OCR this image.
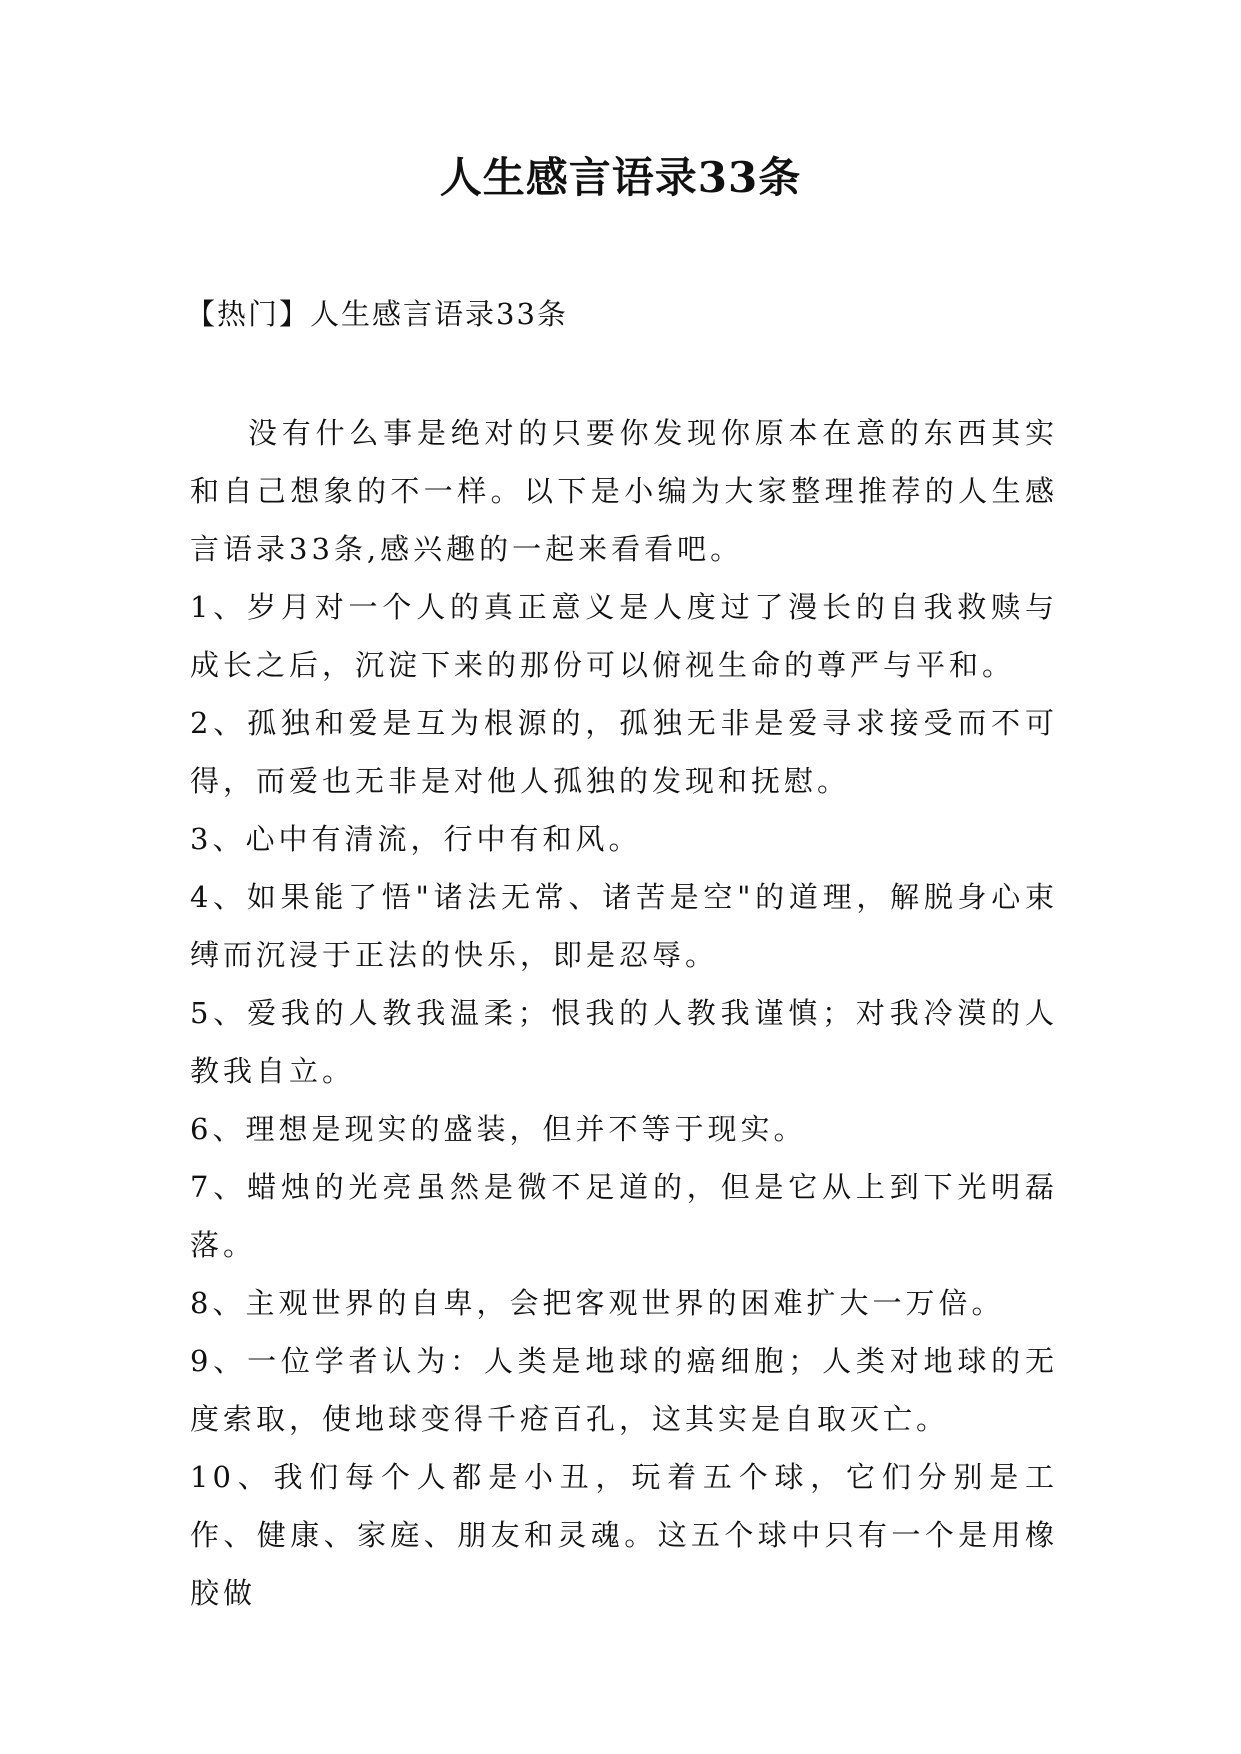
人生感言语录33条
【热门】人生感言语录33条

没有什么事是绝对的只要你发现你原本在意的东西其实和自己想象的不一样。以下是小编为大家整理推荐的人生感言语录33条,感兴趣的一起来看看吧。

1、岁月对一个人的真正意义是人度过了漫长的自我救赎与成长之后，沉淀下来的那份可以俯视生命的尊严与平和。

2、孤独和爱是互为根源的，孤独无非是爱寻求接受而不可得，而爱也无非是对他人孤独的发现和抚慰。

3、心中有清流，行中有和风。

4、如果能了悟"诸法无常、诸苦是空"的道理，解脱身心束缚而沉浸于正法的快乐，即是忍辱。

5、爱我的人教我温柔；恨我的人教我谨慎；对我冷漠的人教我自立。

6、理想是现实的盛装，但并不等于现实。

7、蜡烛的光亮虽然是微不足道的，但是它从上到下光明磊落。

8、主观世界的自卑，会把客观世界的困难扩大一万倍。

9、一位学者认为：人类是地球的癌细胞；人类对地球的无度索取，使地球变得千疮百孔，这其实是自取灭亡。

10、我们每个人都是小丑，玩着五个球，它们分别是工作、健康、家庭、朋友和灵魂。这五个球中只有一个是用橡胶做
